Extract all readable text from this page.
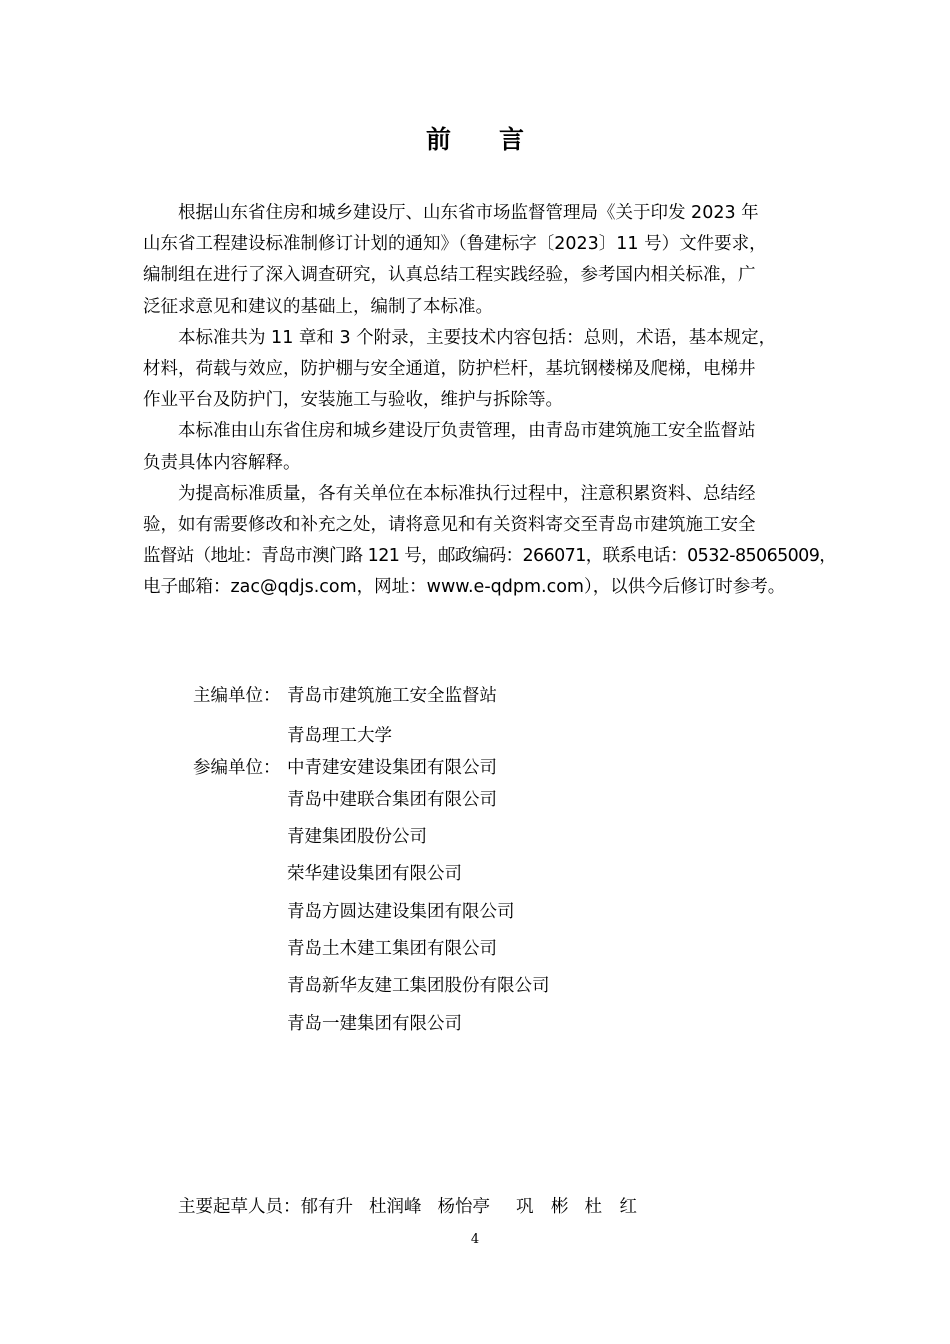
前 言

根据山东省住房和城乡建设厅、山东省市场监督管理局《关于印发 2023 年
山东省工程建设标准制修订计划的通知》（鲁建标字〔2023〕11 号）文件要求，
编制组在进行了深入调查研究，认真总结工程实践经验，参考国内相关标准，广
泛征求意见和建议的基础上，编制了本标准。

本标准共为 11 章和 3 个附录，主要技术内容包括：总则，术语，基本规定，
材料，荷载与效应，防护棚与安全通道，防护栏杆，基坑钢楼梯及爬梯，电梯井
作业平台及防护门，安装施工与验收，维护与拆除等。

本标准由山东省住房和城乡建设厅负责管理，由青岛市建筑施工安全监督站
负责具体内容解释。

为提高标准质量，各有关单位在本标准执行过程中，注意积累资料、总结经
验，如有需要修改和补充之处，请将意见和有关资料寄交至青岛市建筑施工安全
监督站（地址：青岛市澳门路 121 号，邮政编码：266071，联系电话：0532-85065009，
电子邮箱：zac@qdjs.com，网址：www.e-qdpm.com），以供今后修订时参考。

主编单位： 青岛市建筑施工安全监督站
青岛理工大学
参编单位： 中青建安建设集团有限公司
青岛中建联合集团有限公司
青建集团股份公司
荣华建设集团有限公司
青岛方圆达建设集团有限公司
青岛土木建工集团有限公司
青岛新华友建工集团股份有限公司
青岛一建集团有限公司
主要起草人员：郁有升 杜润峰 杨怡亭 巩　彬 杜　红
4
